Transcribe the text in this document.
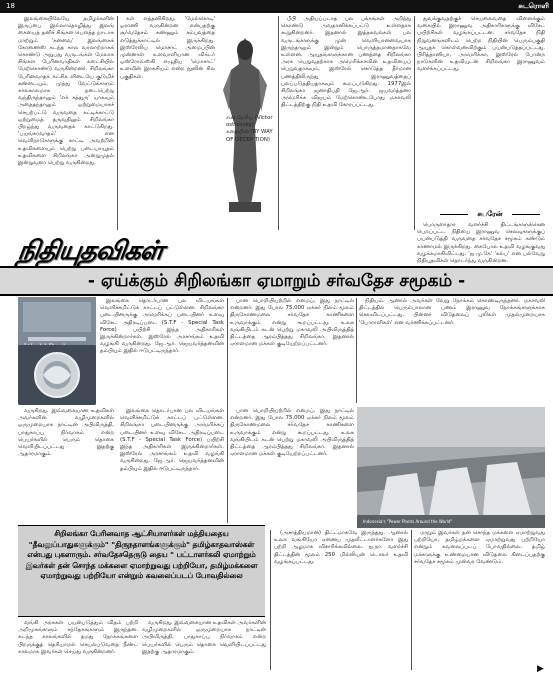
18	சுடரொளி

இலங்கையிலேயே தமிழர்களின் இருப்பை இல்லாதொழித்து இலங் கையைத் தனிச் சிங்கள பௌத்த நாடாக மாற்றும் 'கனவை' இலங்கைக் கோணைஸ் கடந்த கால வரலாற்றாகக் கொண்டு அறுபது வருடங்கள் மேலாக சிங்கள பேரினவாதிகள் கடைசியில் மேற்கொண்டு வருகின்றனர். சிறிலங்கா பேரினவாதக் கட்சிக ளிடையே குடுமிச் சண்டையும், முந்து வேட்டுக்களும் காலகாலமாக நடைபெற்று வந்திருந்தாலும் 'எச் சத்துரு' யாகவும் அதைதந்தாலும் ஒற்றுமையாகச் செயற்பட்டு வருவதை சுட்டிக்காட்டு ஒற்றுமைத் தருவதிலும் சிறிலங்கா பிறழ்ந்து வருவதைக் காட்டுகிறது. 'பயங்கரவாதம்' என வெளிநாடுகளுக்கு காட்டி அவற்றின் உதவிகளையும் பெற்று படையாயுதம் உதவிகளை சிறிலங்கா அன்றுமுதல் இன்றுவரை பெற்று வருகின்றது.

கள் எத்தனிகிறது. 'மேல்கொடி' ஓராணி வருகின்றன என்பதற்கு சூர்வதேசம் கண்ணும் சம்பவத்தை எடுத்துக்காட்டில் இருக்கிறது. இஸ்ரேலிய மொசாட் அமைப்பின் முன்னாள் உளவாளியான விக்டர் ஒஸ்ரோவ்ஸ்கி எழுதிய 'மொசாட்' உளவின் இரகசியம் என்ற நூலின் சில பகுதிகள்.

என் றேரிய (Victor ostrovsky)
கதையின் (BY WAY OF DECEP TION)

பீபி அதியப்படாத பல பக்கங்கள் அறிந்து கொண்டு அவதானிக்கப்பட்டு உள்ளதாக கூறுகின்றனர். இதனால் இத்தகவல்கள் பல வருடங்களுக்கு முன் வெளியானவையாக இருந்தாலும் இன்றும் பொருத்தமானதாகவே உள்ளன. ஆயுதங்களுக்கான பணத்தை சிறிலங்கா அரசு பெறுவதற்காக அமெரிக்காவின் உதவியைப் பெறுவதாகவும், இஸ்ரேல் கொடுத்த தீர்மான பணத்திலிருந்து இராணுவத்தைப் பலப்படுத்தியதாகவும் கூறப்படுகிறது. 1977இல் சிறிலங்கா ஜனாதிபதி ஜே.ஆர். ஜயவர்த்தனா அமெரிக்க விஜயம் மேற்கொண்டபோது மகாவலி திட்டத்திற்கு நிதி உதவி கோரப்பட்டது.

துவக்குவதற்குச் செயலைவதை விளைக்கும் வகையில் இராணுவ அதிகாரிகளுக்கு விசேட பயிற்சிகள் வழங்கப்பட்டன. சர்வதேச நிதி நிறுவனங்களிடம் பெற்ற நிதியின் பெரும்பகுதி ஆயுதக் கொள்வனவிற்கும் பயன்படுத்தப்பட்டது. பிரித்தானியா, அமெரிக்கா, இஸ்ரேல் போன்ற நாடுகளின் உதவியுடன் சிறிலங்கா இராணுவம் வளர்க்கப்பட்டது.

சுபரேன்

பொருளாதார வளர்ச்சி திட்டங்களுக்கென பெறப்பட்ட நிதியை இராணுவ செலவுகளுக்குப் பயன்படுத்தி வருவதை சர்வதேச சமூகம் கண்டும் காணாமல் இருக்கிறது. கைபோல உதவி வழங்குவது வழக்கமாகிவிட்டது. 'ஐ.மு.கே' 'கல்ப' என பல்வேறு நிதியுதவிகள் தொடர்ந்து வருகின்றன.

நிதியுதவிகள்
- ஏய்க்கும் சிறிலங்கா ஏமாறும் சர்வதேச சமூகம் -

இலங்கை தொடர்பான பல விடயங்கள் வெளிச்சமிட்டுக் காட்டப் பட்டுள்ளன. சிறிலங்கா படையினருக்கு அமெரிக்கப் படையினர் உளவு விசேட அதிரடிப்படை (S.T.F - Special Task Force) பயிற்சி இந்த அதிகாரிகள் இருக்கின்றார்கள். இஸ்ரேல் அரசாங்கம் உதவி வழங்கி வருகின்றது. ஜே.ஆர். ஜெயவர்த்தனவின் தம்பியும் இதில் ஈடுபட்டிருந்தார்.

பான பொறியியற்றில் எமைப், இது நாட்டில் என்றனர். இது போல 75,000 ஏக்கர் நிலம் மூலம் திருகோணமலை சர்வதேச காணிகளை உருவாக்கும் என்று கூறப்பட்டது. உலக வங்கியிடம் கடன் பெற்று மகாவலி அபிவிருத்தித் திட்டத்தை ஆரம்பித்தது சிறிலங்கா. இதனால் ஏராளமான மக்கள் குடியேற்றப்பட்டனர்.

நிதியம். ஆனால் அவர்கள் வேறு நோக்கம் கொண்டிருந்தனர். மகாவலி திட்டத்தில் பெரும்பாலான பணம் இராணுவ நோக்கங்களுக்காக செலவிடப்பட்டது. பின்னர் விடுதலைப் புலிகள் முதல்முறையாக 'போராளிகள்' என வர்ணிக்கப்பட்டனர்.

வருகிறது. இவ்வகையான உதவிகள் அவர்களின் வழிமுறைகளில் ஒருமுறையாக நாட்டின் அபிவிருத்தி, பாதுகாப்பு நிர்வாகம் என்ற பெயர்களில் பெரும் தொகை வெளியிடப்பட்டது இதற்கு ஆதாரமாகும்.

இலங்கை தொடர்பான பல விடயங்கள் வெளிச்சமிட்டுக் காட்டப் பட்டுள்ளன. சிறிலங்கா படையினருக்கு அமெரிக்கப் படையினர் உளவு விசேட அதிரடிப்படை (S.T.F - Special Task Force) பயிற்சி இந்த அதிகாரிகள் இருக்கின்றார்கள். இஸ்ரேல் அரசாங்கம் உதவி வழங்கி வருகின்றது. ஜே.ஆர். ஜெயவர்த்தனவின் தம்பியும் இதில் ஈடுபட்டிருந்தார்.

பான பொறியியற்றில் எமைப், இது நாட்டில் என்றனர். இது போல 75,000 ஏக்கர் நிலம் மூலம் திருகோணமலை சர்வதேச காணிகளை உருவாக்கும் என்று கூறப்பட்டது. உலக வங்கியிடம் கடன் பெற்று மகாவலி அபிவிருத்தித் திட்டத்தை ஆரம்பித்தது சிறிலங்கா. இதனால் ஏராளமான மக்கள் குடியேற்றப்பட்டனர்.

Indonesia's "Power Plants Around the World"
சிறிலங்கா பேரினவாத ஆட்சியாளர்கள் மத்தியதைய "தீவலுப்பாதுகளுக்கும்" "திருநதாளங்களுக்கும்" தமிழ்காதவாஸ்கள் என்பது புகளாரும். சர்வதேசதெருடு தைய " பட்டாளர்கலி ஏமாற்றும் இவர்கள் தன் சொந்த மக்களை ஏமாற்றுவது பற்றியோ, தமிழ்மக்களை ஏமாற்றுவது பற்றியோ என்றும் கவலைப்படப் போவதில்லை

(அசாத்தியமான) திட்டமாகவே இருந்தது. ஆனால் உலக வங்கியோ ஏனைய முதலீட்டாளர்களோ இது பற்றி ஆழமாக விசாரிக்கவில்லை. ஐ.நா. வளர்ச்சி திட்டத்தின் மூலம் 250 மில்லியன் டொலர் உதவி வழங்கப்பட்டது.

மாறும் இவர்கள் தன் சொந்த மக்களை ஏமாற்றுவது பற்றியோ, தமிழ்மக்களை ஏமாற்றுவது பற்றியோ என்றும் கவலைப்படப் போவதில்லை. தமிழ் மக்களுக்கு உண்மையான விடுதலை கிடைப்பதற்கு சர்வதேச சமூகம் முன்வர வேண்டும்.

வங்கி அரசுகள் பயன்படுத்தும் விதம் பற்றி அறிமுகங்களும் சந்தேகங்களும் இருந்தன. கடந்த காலங்களில் தமது நோக்கங்களை பிறருக்குத் தெரியாமல் செயல்படுவதை நீண்ட காலமாக இவர்கள் செய்து வருகின்றனர்.

வருகிறது. இவ்வகையான உதவிகள் அவர்களின் வழிமுறைகளில் ஒருமுறையாக நாட்டின் அபிவிருத்தி, பாதுகாப்பு நிர்வாகம் என்ற பெயர்களில் பெரும் தொகை வெளியிடப்பட்டது இதற்கு ஆதாரமாகும்.

▶
